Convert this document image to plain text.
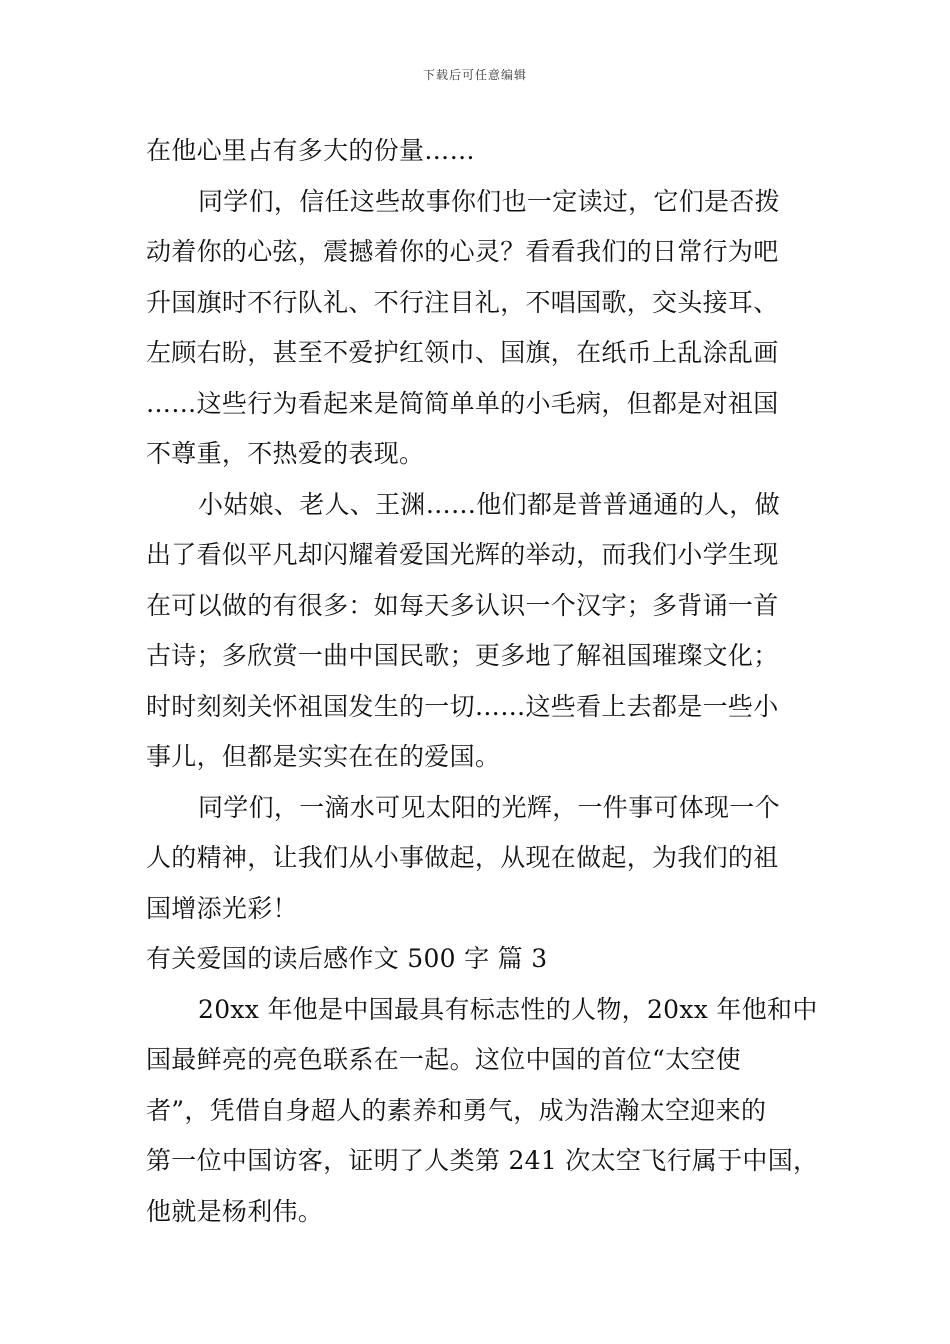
下载后可任意编辑
在他心里占有多大的份量……
同学们，信任这些故事你们也一定读过，它们是否拨
动着你的心弦，震撼着你的心灵？看看我们的日常行为吧
升国旗时不行队礼、不行注目礼，不唱国歌，交头接耳、
左顾右盼，甚至不爱护红领巾、国旗，在纸币上乱涂乱画
……这些行为看起来是简简单单的小毛病，但都是对祖国
不尊重，不热爱的表现。
小姑娘、老人、王渊……他们都是普普通通的人，做
出了看似平凡却闪耀着爱国光辉的举动，而我们小学生现
在可以做的有很多：如每天多认识一个汉字；多背诵一首
古诗；多欣赏一曲中国民歌；更多地了解祖国璀璨文化；
时时刻刻关怀祖国发生的一切……这些看上去都是一些小
事儿，但都是实实在在的爱国。
同学们，一滴水可见太阳的光辉，一件事可体现一个
人的精神，让我们从小事做起，从现在做起，为我们的祖
国增添光彩！
有关爱国的读后感作文 500 字 篇 3
20xx 年他是中国最具有标志性的人物，20xx 年他和中
国最鲜亮的亮色联系在一起。这位中国的首位“太空使
者”，凭借自身超人的素养和勇气，成为浩瀚太空迎来的
第一位中国访客，证明了人类第 241 次太空飞行属于中国，
他就是杨利伟。
